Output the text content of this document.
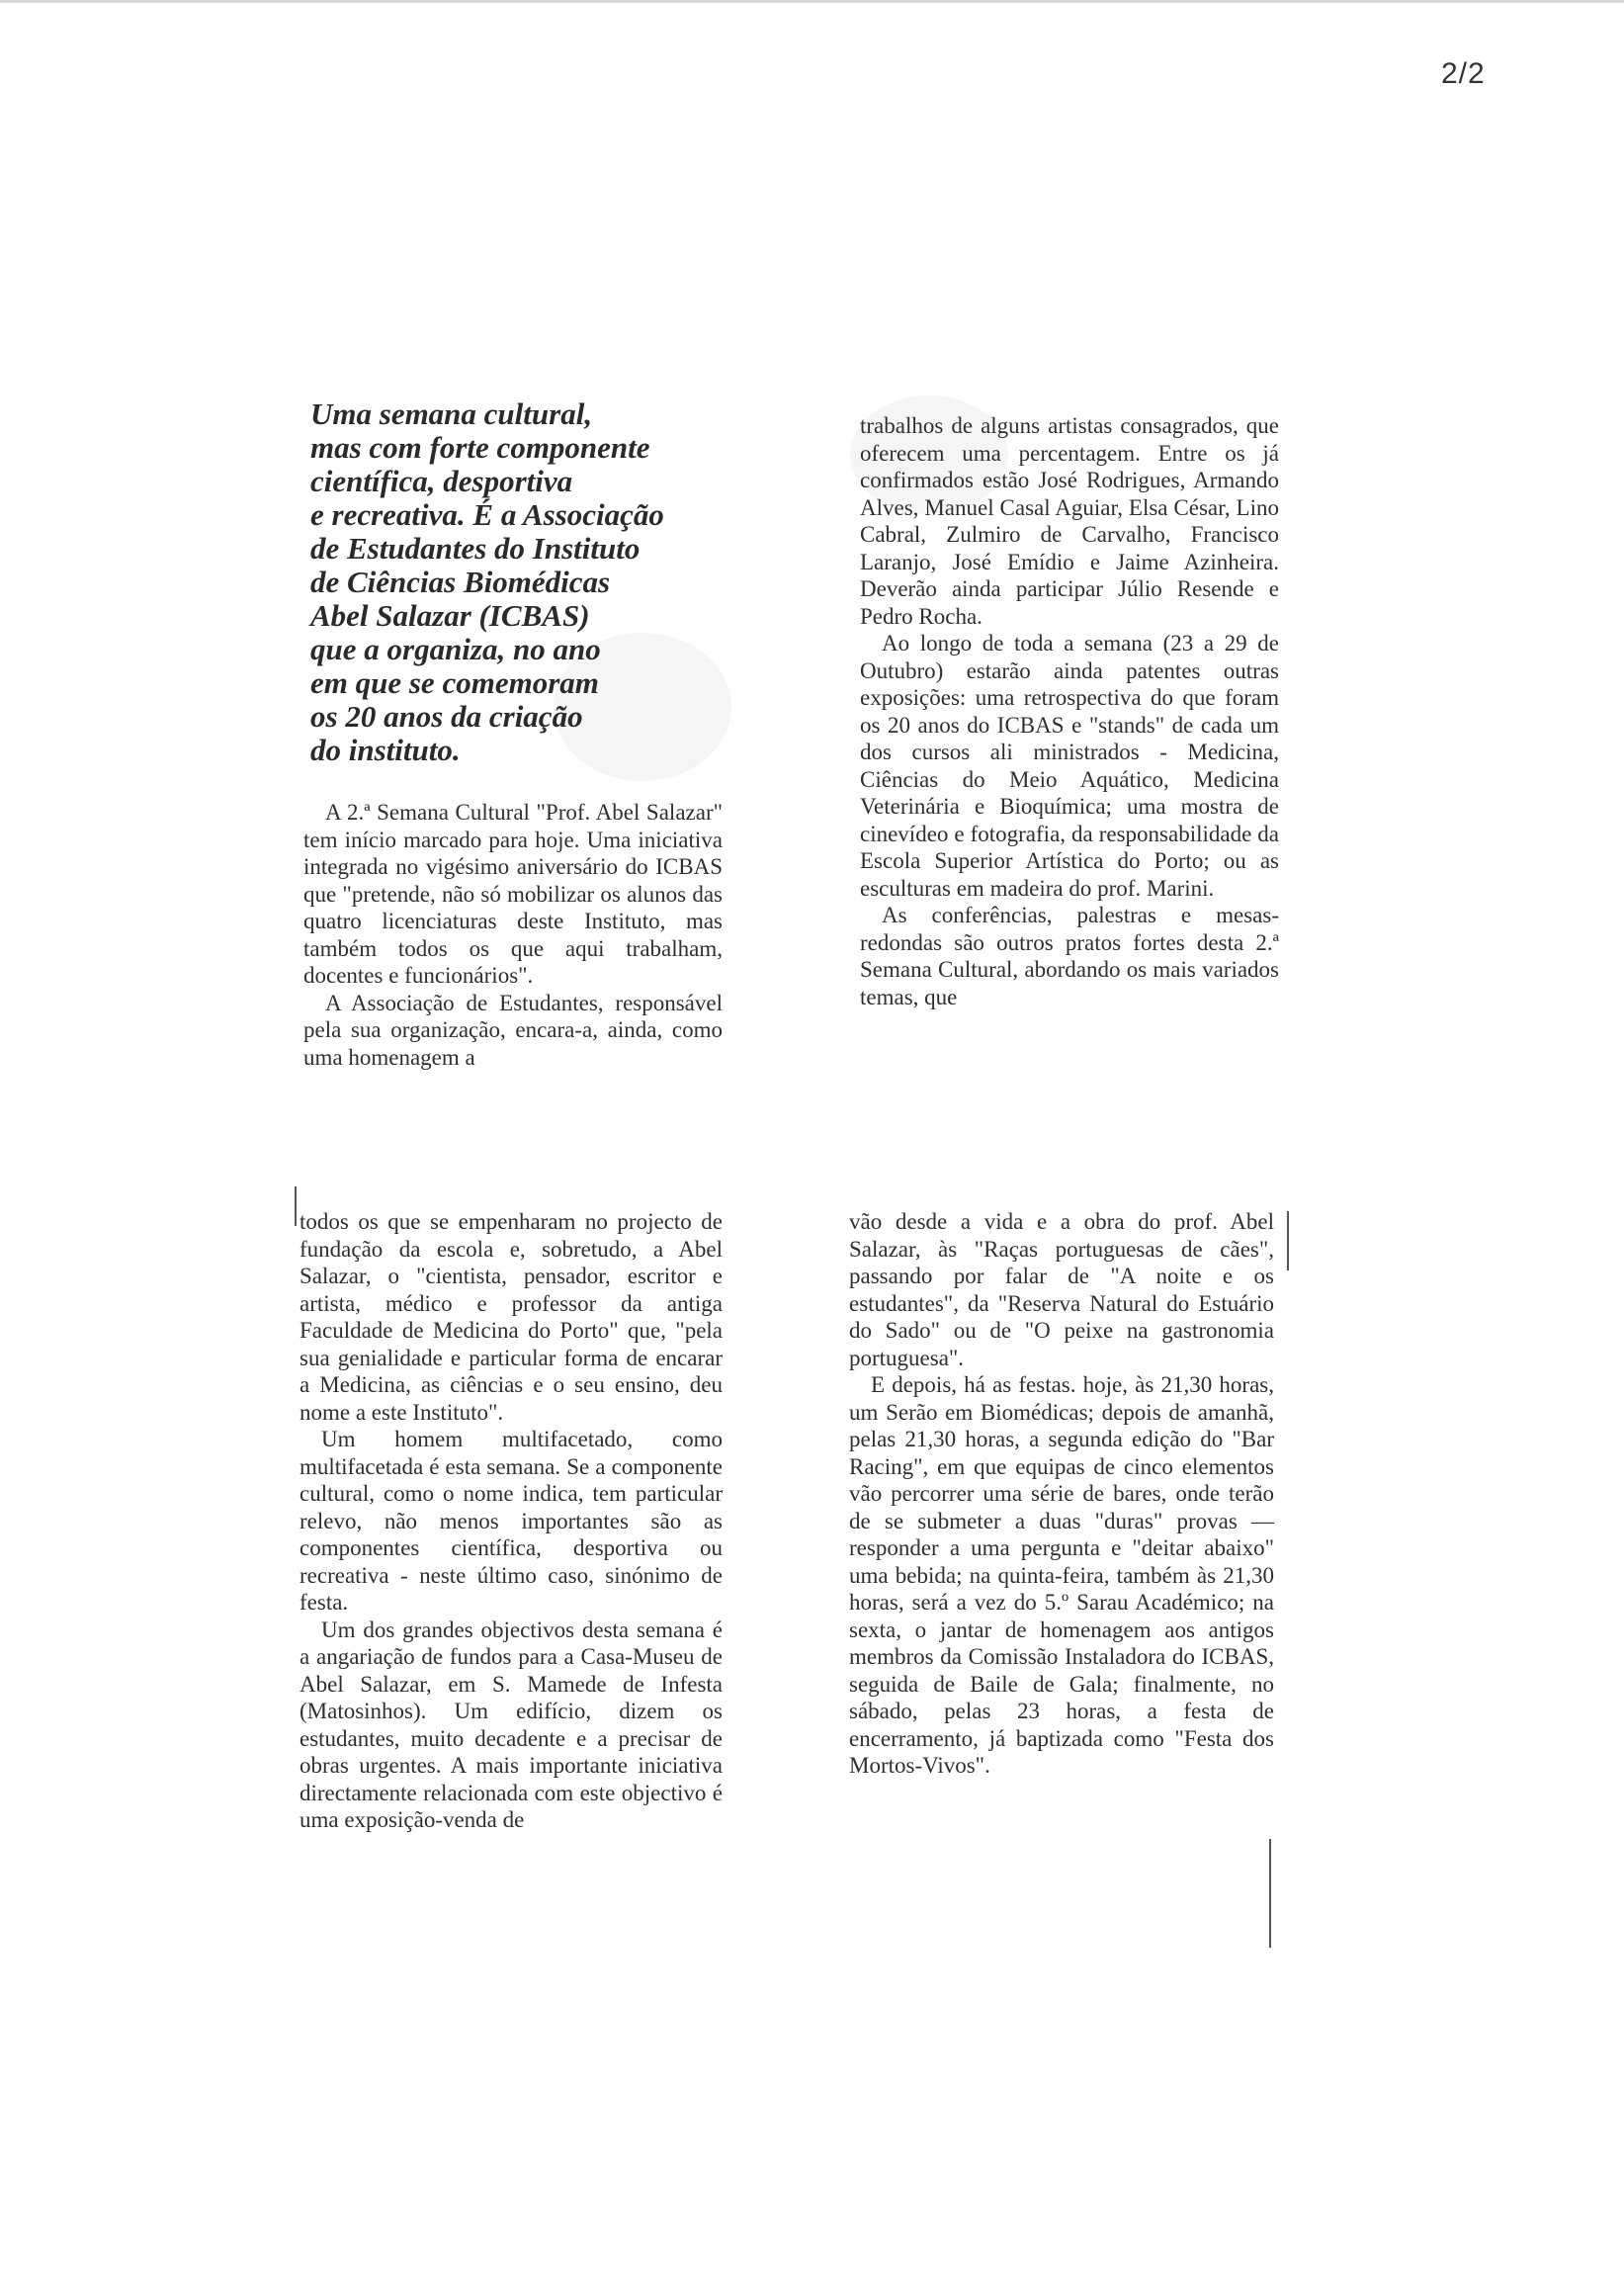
2/2
Uma semana cultural,
mas com forte componente
científica, desportiva
e recreativa. É a Associação
de Estudantes do Instituto
de Ciências Biomédicas
Abel Salazar (ICBAS)
que a organiza, no ano
em que se comemoram
os 20 anos da criação
do instituto.

A 2.ª Semana Cultural "Prof. Abel Salazar" tem início marcado para hoje. Uma iniciativa integrada no vigésimo aniversário do ICBAS que "pretende, não só mobilizar os alunos das quatro licenciaturas deste Instituto, mas também todos os que aqui trabalham, docentes e funcionários".

A Associação de Estudantes, responsável pela sua organização, encara-a, ainda, como uma homenagem a

trabalhos de alguns artistas consagrados, que oferecem uma percentagem. Entre os já confirmados estão José Rodrigues, Armando Alves, Manuel Casal Aguiar, Elsa César, Lino Cabral, Zulmiro de Carvalho, Francisco Laranjo, José Emídio e Jaime Azinheira. Deverão ainda participar Júlio Resende e Pedro Rocha.

Ao longo de toda a semana (23 a 29 de Outubro) estarão ainda patentes outras exposições: uma retrospectiva do que foram os 20 anos do ICBAS e "stands" de cada um dos cursos ali ministrados - Medicina, Ciências do Meio Aquático, Medicina Veterinária e Bioquímica; uma mostra de cinevídeo e fotografia, da responsabilidade da Escola Superior Artística do Porto; ou as esculturas em madeira do prof. Marini.

As conferências, palestras e mesas-redondas são outros pratos fortes desta 2.ª Semana Cultural, abordando os mais variados temas, que

todos os que se empenharam no projecto de fundação da escola e, sobretudo, a Abel Salazar, o "cientista, pensador, escritor e artista, médico e professor da antiga Faculdade de Medicina do Porto" que, "pela sua genialidade e particular forma de encarar a Medicina, as ciências e o seu ensino, deu nome a este Instituto".

Um homem multifacetado, como multifacetada é esta semana. Se a componente cultural, como o nome indica, tem particular relevo, não menos importantes são as componentes científica, desportiva ou recreativa - neste último caso, sinónimo de festa.

Um dos grandes objectivos desta semana é a angariação de fundos para a Casa-Museu de Abel Salazar, em S. Mamede de Infesta (Matosinhos). Um edifício, dizem os estudantes, muito decadente e a precisar de obras urgentes. A mais importante iniciativa directamente relacionada com este objectivo é uma exposição-venda de

vão desde a vida e a obra do prof. Abel Salazar, às "Raças portuguesas de cães", passando por falar de "A noite e os estudantes", da "Reserva Natural do Estuário do Sado" ou de "O peixe na gastronomia portuguesa".

E depois, há as festas. hoje, às 21,30 horas, um Serão em Biomédicas; depois de amanhã, pelas 21,30 horas, a segunda edição do "Bar Racing", em que equipas de cinco elementos vão percorrer uma série de bares, onde terão de se submeter a duas "duras" provas — responder a uma pergunta e "deitar abaixo" uma bebida; na quinta-feira, também às 21,30 horas, será a vez do 5.º Sarau Académico; na sexta, o jantar de homenagem aos antigos membros da Comissão Instaladora do ICBAS, seguida de Baile de Gala; finalmente, no sábado, pelas 23 horas, a festa de encerramento, já baptizada como "Festa dos Mortos-Vivos".
